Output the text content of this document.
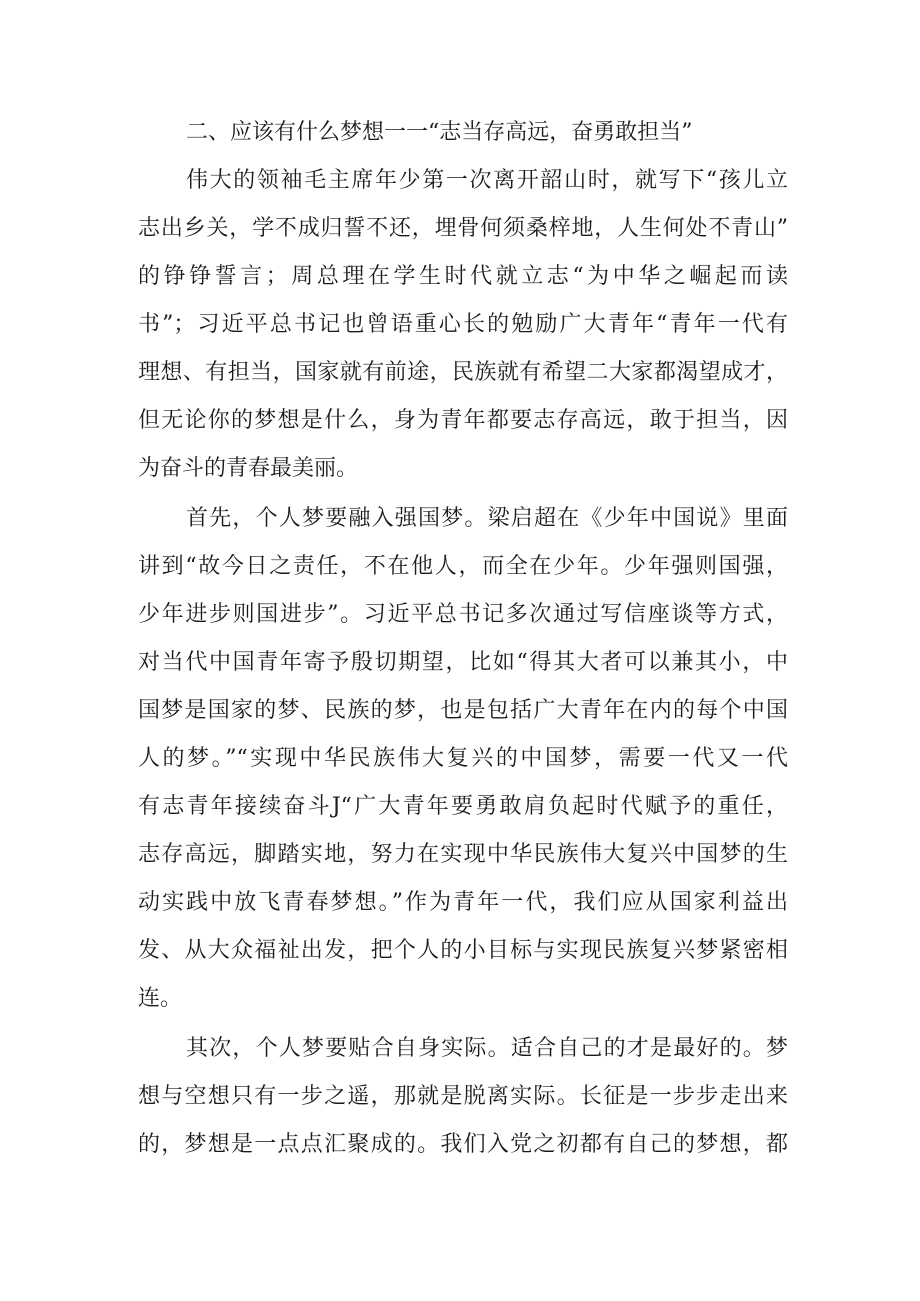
二、应该有什么梦想一一“志当存高远，奋勇敢担当”
伟大的领袖毛主席年少第一次离开韶山时，就写下“孩儿立
志出乡关，学不成归誓不还，埋骨何须桑梓地，人生何处不青山”
的铮铮誓言；周总理在学生时代就立志“为中华之崛起而读
书”；习近平总书记也曾语重心长的勉励广大青年“青年一代有
理想、有担当，国家就有前途，民族就有希望二大家都渴望成才，
但无论你的梦想是什么，身为青年都要志存高远，敢于担当，因
为奋斗的青春最美丽。
首先，个人梦要融入强国梦。梁启超在《少年中国说》里面
讲到“故今日之责任，不在他人，而全在少年。少年强则国强，
少年进步则国进步”。习近平总书记多次通过写信座谈等方式，
对当代中国青年寄予殷切期望，比如“得其大者可以兼其小，中
国梦是国家的梦、民族的梦，也是包括广大青年在内的每个中国
人的梦。”“实现中华民族伟大复兴的中国梦，需要一代又一代
有志青年接续奋斗J“广大青年要勇敢肩负起时代赋予的重任，
志存高远，脚踏实地，努力在实现中华民族伟大复兴中国梦的生
动实践中放飞青春梦想。”作为青年一代，我们应从国家利益出
发、从大众福祉出发，把个人的小目标与实现民族复兴梦紧密相
连。
其次，个人梦要贴合自身实际。适合自己的才是最好的。梦
想与空想只有一步之遥，那就是脱离实际。长征是一步步走出来
的，梦想是一点点汇聚成的。我们入党之初都有自己的梦想，都
